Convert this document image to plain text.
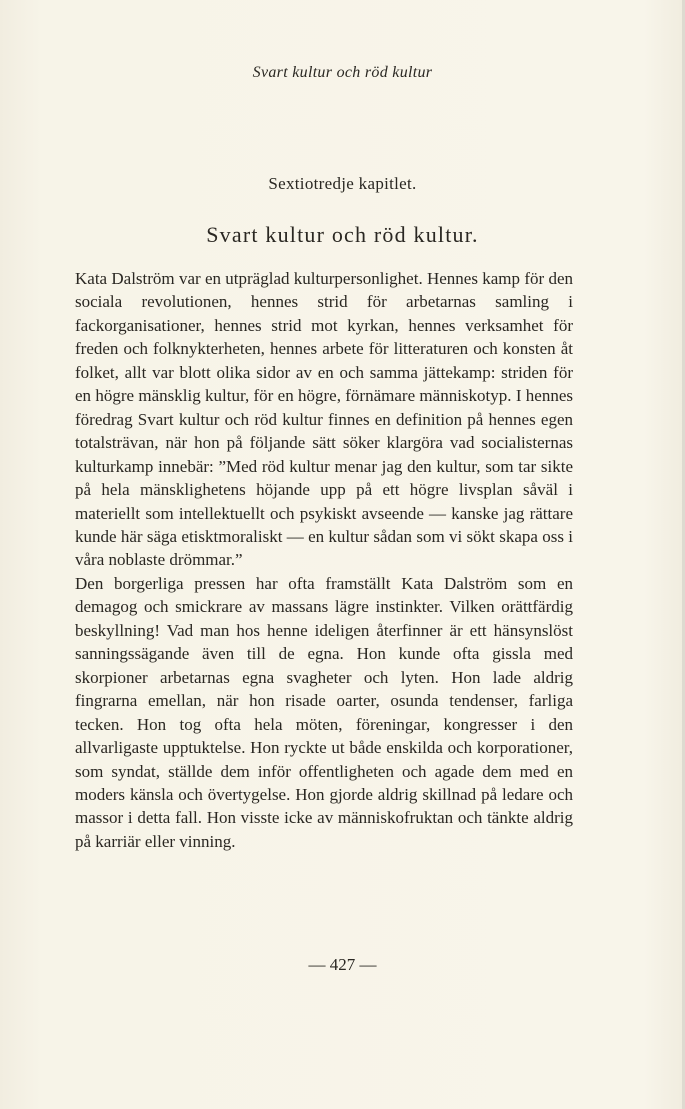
Svart kultur och röd kultur
Sextiotredje kapitlet.
Svart kultur och röd kultur.

Kata Dalström var en utpräglad kulturpersonlighet. Hennes kamp för den sociala revolutionen, hennes strid för arbetarnas samling i fackorganisationer, hennes strid mot kyrkan, hennes verksamhet för freden och folknykterheten, hennes arbete för litteraturen och konsten åt folket, allt var blott olika sidor av en och samma jättekamp: striden för en högre mänsklig kultur, för en högre, förnämare människotyp. I hennes föredrag Svart kultur och röd kultur finnes en definition på hennes egen totalsträvan, när hon på följande sätt söker klargöra vad socialisternas kulturkamp innebär: ”Med röd kultur menar jag den kultur, som tar sikte på hela mänsklighetens höjande upp på ett högre livsplan såväl i materiellt som intellektuellt och psykiskt avseende — kanske jag rättare kunde här säga etisktmoraliskt — en kultur sådan som vi sökt skapa oss i våra noblaste drömmar.”

Den borgerliga pressen har ofta framställt Kata Dalström som en demagog och smickrare av massans lägre instinkter. Vilken orättfärdig beskyllning! Vad man hos henne ideligen återfinner är ett hänsynslöst sanningssägande även till de egna. Hon kunde ofta gissla med skorpioner arbetarnas egna svagheter och lyten. Hon lade aldrig fingrarna emellan, när hon risade oarter, osunda tendenser, farliga tecken. Hon tog ofta hela möten, föreningar, kongresser i den allvarligaste upptuktelse. Hon ryckte ut både enskilda och korporationer, som syndat, ställde dem inför offentligheten och agade dem med en moders känsla och övertygelse. Hon gjorde aldrig skillnad på ledare och massor i detta fall. Hon visste icke av människofruktan och tänkte aldrig på karriär eller vinning.

— 427 —
